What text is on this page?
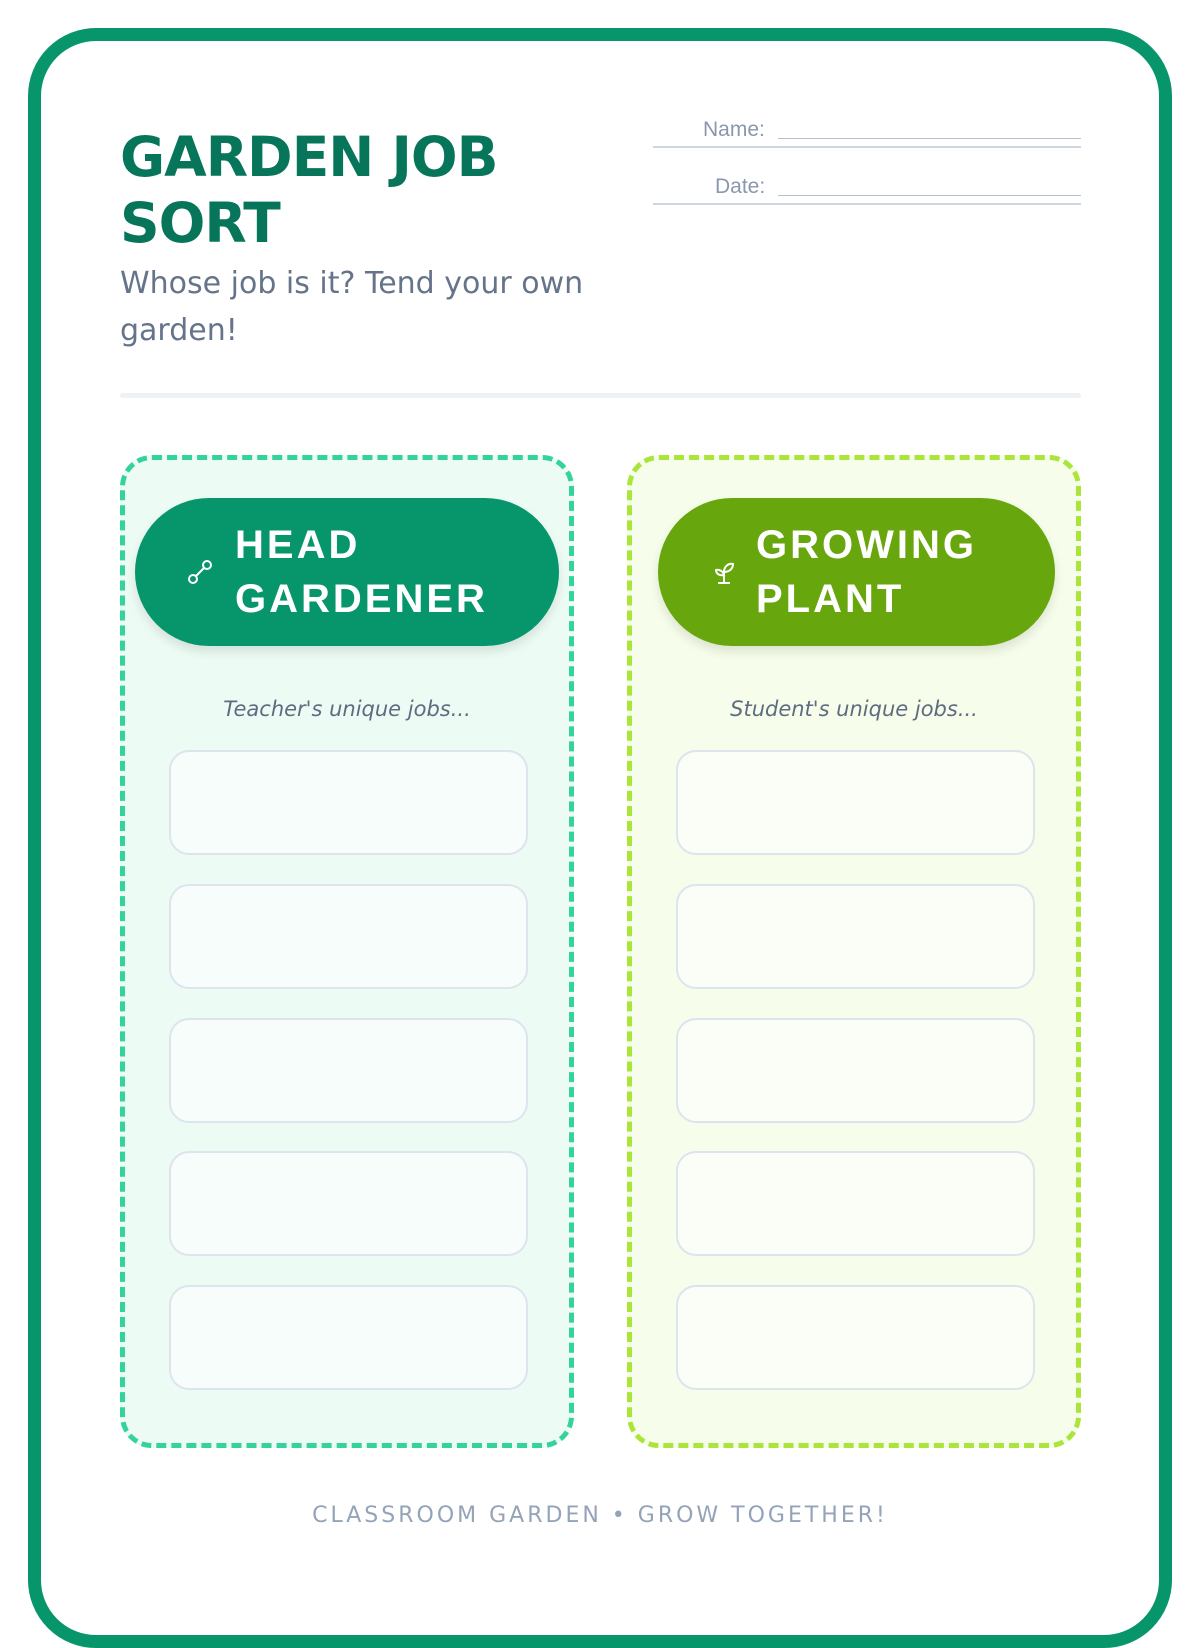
GARDEN JOB SORT

Whose job is it? Tend your own garden!

Name:
Date:
HEAD GARDENER
Teacher's unique jobs...
GROWING PLANT
Student's unique jobs...
CLASSROOM GARDEN • GROW TOGETHER!
